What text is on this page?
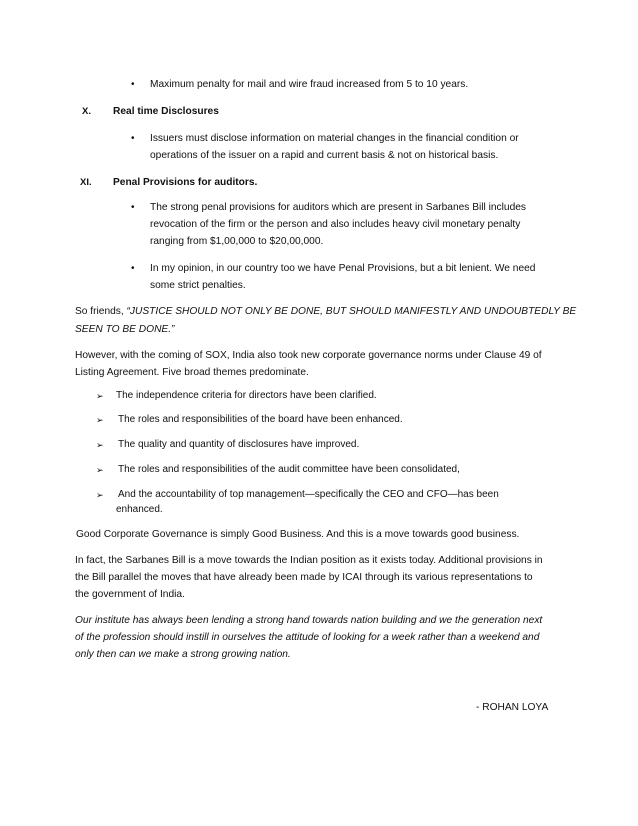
• Maximum penalty for mail and wire fraud increased from 5 to 10 years.
X. Real time Disclosures
• Issuers must disclose information on material changes in the financial condition or
operations of the issuer on a rapid and current basis & not on historical basis.
XI. Penal Provisions for auditors.
• The strong penal provisions for auditors which are present in Sarbanes Bill includes
revocation of the firm or the person and also includes heavy civil monetary penalty
ranging from $1,00,000 to $20,00,000.
• In my opinion, in our country too we have Penal Provisions, but a bit lenient. We need
some strict penalties.
So friends, “JUSTICE SHOULD NOT ONLY BE DONE, BUT SHOULD MANIFESTLY AND UNDOUBTEDLY BE
SEEN TO BE DONE.”
However, with the coming of SOX, India also took new corporate governance norms under Clause 49 of
Listing Agreement. Five broad themes predominate.
➢ The independence criteria for directors have been clarified.
➢ The roles and responsibilities of the board have been enhanced.
➢ The quality and quantity of disclosures have improved.
➢ The roles and responsibilities of the audit committee have been consolidated,
➢ And the accountability of top management—specifically the CEO and CFO—has been
enhanced.
Good Corporate Governance is simply Good Business. And this is a move towards good business.
In fact, the Sarbanes Bill is a move towards the Indian position as it exists today. Additional provisions in
the Bill parallel the moves that have already been made by ICAI through its various representations to
the government of India.
Our institute has always been lending a strong hand towards nation building and we the generation next
of the profession should instill in ourselves the attitude of looking for a week rather than a weekend and
only then can we make a strong growing nation.
- ROHAN LOYA
